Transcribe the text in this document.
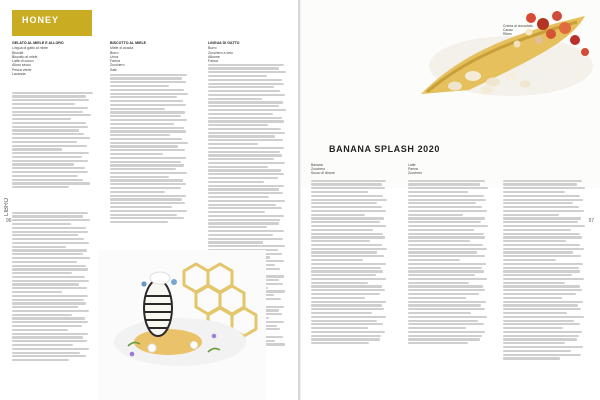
HONEY
LIBRO
96
GELATO AL MIELE E ALLORO
Lingua di gatto al miele
Biscotti
Biscotto al miele
Latte di cocco
Alloro secco
Pesca verde
Lavanda
BISCOTTO AL MIELE
Miele di acacia
Burro
Uova
Farina
Zucchero
Sale
LINGUA DI GATTO
Burro
Zucchero a velo
Albume
Farina
BANANA SPLASH 2020
97
Banana
Zucchero
Succo di limone
Latte
Panna
Zucchero
Crema al cioccolato
Cacao
Ribes
